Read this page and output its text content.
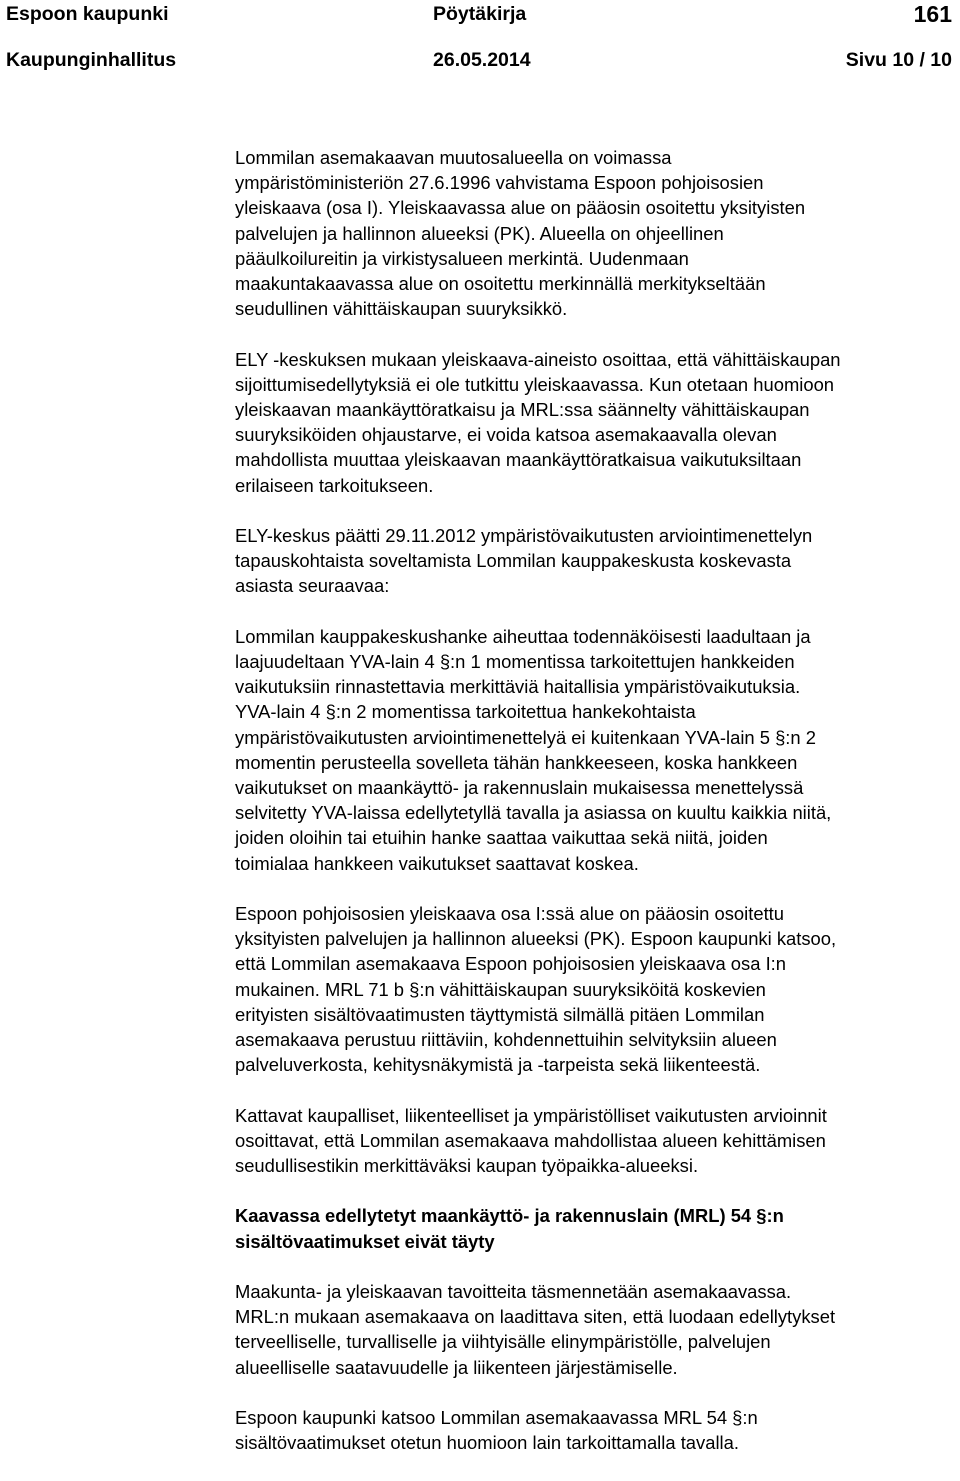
Espoon kaupunki	Pöytäkirja	161
Kaupunginhallitus	26.05.2014	Sivu 10 / 10

Lommilan asemakaavan muutosalueella on voimassa
ympäristöministeriön 27.6.1996 vahvistama Espoon pohjoisosien
yleiskaava (osa I). Yleiskaavassa alue on pääosin osoitettu yksityisten
palvelujen ja hallinnon alueeksi (PK). Alueella on ohjeellinen
pääulkoilureitin ja virkistysalueen merkintä. Uudenmaan
maakuntakaavassa alue on osoitettu merkinnällä merkitykseltään
seudullinen vähittäiskaupan suuryksikkö.

ELY -keskuksen mukaan yleiskaava-aineisto osoittaa, että vähittäiskaupan
sijoittumisedellytyksiä ei ole tutkittu yleiskaavassa. Kun otetaan huomioon
yleiskaavan maankäyttöratkaisu ja MRL:ssa säännelty vähittäiskaupan
suuryksiköiden ohjaustarve, ei voida katsoa asemakaavalla olevan
mahdollista muuttaa yleiskaavan maankäyttöratkaisua vaikutuksiltaan
erilaiseen tarkoitukseen.

ELY-keskus päätti 29.11.2012 ympäristövaikutusten arviointimenettelyn
tapauskohtaista soveltamista Lommilan kauppakeskusta koskevasta
asiasta seuraavaa:

Lommilan kauppakeskushanke aiheuttaa todennäköisesti laadultaan ja
laajuudeltaan YVA-lain 4 §:n 1 momentissa tarkoitettujen hankkeiden
vaikutuksiin rinnastettavia merkittäviä haitallisia ympäristövaikutuksia.
YVA-lain 4 §:n 2 momentissa tarkoitettua hankekohtaista
ympäristövaikutusten arviointimenettelyä ei kuitenkaan YVA-lain 5 §:n 2
momentin perusteella sovelleta tähän hankkeeseen, koska hankkeen
vaikutukset on maankäyttö- ja rakennuslain mukaisessa menettelyssä
selvitetty YVA-laissa edellytetyllä tavalla ja asiassa on kuultu kaikkia niitä,
joiden oloihin tai etuihin hanke saattaa vaikuttaa sekä niitä, joiden
toimialaa hankkeen vaikutukset saattavat koskea.

Espoon pohjoisosien yleiskaava osa I:ssä alue on pääosin osoitettu
yksityisten palvelujen ja hallinnon alueeksi (PK). Espoon kaupunki katsoo,
että Lommilan asemakaava Espoon pohjoisosien yleiskaava osa I:n
mukainen. MRL 71 b §:n vähittäiskaupan suuryksiköitä koskevien
erityisten sisältövaatimusten täyttymistä silmällä pitäen Lommilan
asemakaava perustuu riittäviin, kohdennettuihin selvityksiin alueen
palveluverkosta, kehitysnäkymistä ja -tarpeista sekä liikenteestä.

Kattavat kaupalliset, liikenteelliset ja ympäristölliset vaikutusten arvioinnit
osoittavat, että Lommilan asemakaava mahdollistaa alueen kehittämisen
seudullisestikin merkittäväksi kaupan työpaikka-alueeksi.

Kaavassa edellytetyt maankäyttö- ja rakennuslain (MRL) 54 §:n
sisältövaatimukset eivät täyty

Maakunta- ja yleiskaavan tavoitteita täsmennetään asemakaavassa.
MRL:n mukaan asemakaava on laadittava siten, että luodaan edellytykset
terveelliselle, turvalliselle ja viihtyisälle elinympäristölle, palvelujen
alueelliselle saatavuudelle ja liikenteen järjestämiselle.

Espoon kaupunki katsoo Lommilan asemakaavassa MRL 54 §:n
sisältövaatimukset otetun huomioon lain tarkoittamalla tavalla.
